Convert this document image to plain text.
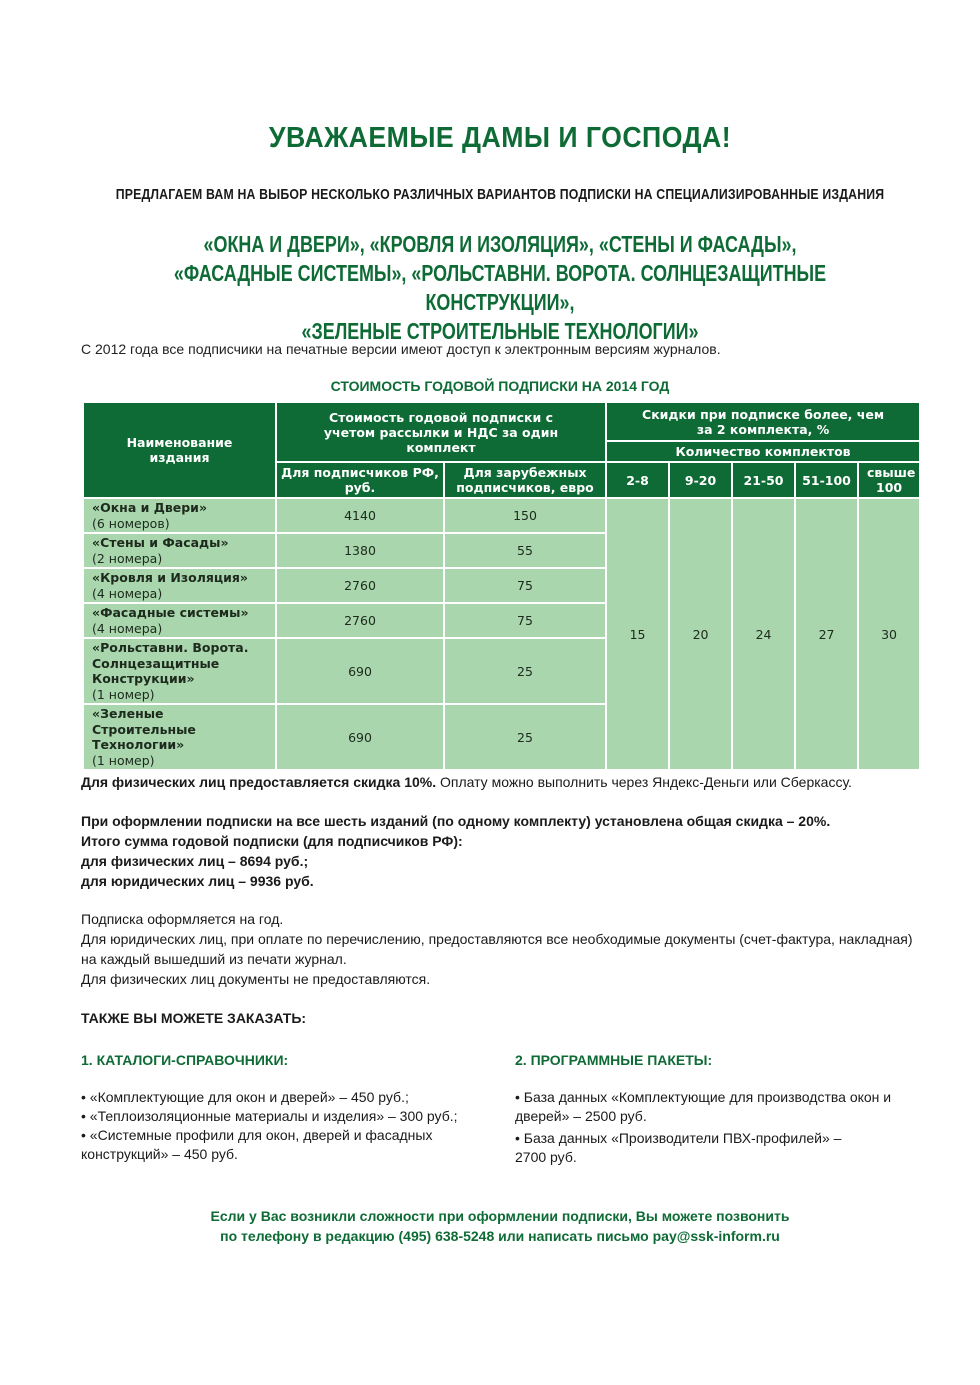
УВАЖАЕМЫЕ ДАМЫ И ГОСПОДА!
ПРЕДЛАГАЕМ ВАМ НА ВЫБОР НЕСКОЛЬКО РАЗЛИЧНЫХ ВАРИАНТОВ ПОДПИСКИ НА СПЕЦИАЛИЗИРОВАННЫЕ ИЗДАНИЯ
«ОКНА И ДВЕРИ», «КРОВЛЯ И ИЗОЛЯЦИЯ», «СТЕНЫ И ФАСАДЫ»,
«ФАСАДНЫЕ СИСТЕМЫ», «РОЛЬСТАВНИ. ВОРОТА. СОЛНЦЕЗАЩИТНЫЕ КОНСТРУКЦИИ»,
«ЗЕЛЕНЫЕ СТРОИТЕЛЬНЫЕ ТЕХНОЛОГИИ»
С 2012 года все подписчики на печатные версии имеют доступ к электронным версиям журналов.
СТОИМОСТЬ ГОДОВОЙ ПОДПИСКИ НА 2014 ГОД
Наименование издания	Стоимость годовой подписки с учетом рассылки и НДС за один комплект		Скидки при подписке более, чем за 2 комплекта, %				
			Количество комплектов				
	Для подписчиков РФ, руб.	Для зарубежных подписчиков, евро	2-8	9-20	21-50	51-100	свыше 100

«Окна и Двери»
(6 номеров)	4140	150	15	20	24	27	30

«Стены и Фасады»
(2 номера)	1380	55					

«Кровля и Изоляция»
(4 номера)	2760	75					

«Фасадные системы»
(4 номера)	2760	75					

«Рольставни. Ворота. Солнцезащитные Конструкции»
(1 номер)	690	25					

«Зеленые Строительные Технологии»
(1 номер)	690	25					
Для физических лиц предоставляется скидка 10%. Оплату можно выполнить через Яндекс-Деньги или Сберкассу.
При оформлении подписки на все шесть изданий (по одному комплекту) установлена общая скидка – 20%.
Итого сумма годовой подписки (для подписчиков РФ):
для физических лиц – 8694 руб.;
для юридических лиц – 9936 руб.
Подписка оформляется на год.
Для юридических лиц, при оплате по перечислению, предоставляются все необходимые документы (счет-фактура, накладная) на каждый вышедший из печати журнал.
Для физических лиц документы не предоставляются.
ТАКЖЕ ВЫ МОЖЕТЕ ЗАКАЗАТЬ:
1. КАТАЛОГИ-СПРАВОЧНИКИ:
• «Комплектующие для окон и дверей» – 450 руб.;
• «Теплоизоляционные материалы и изделия» – 300 руб.;
• «Системные профили для окон, дверей и фасадных конструкций» – 450 руб.
2. ПРОГРАММНЫЕ ПАКЕТЫ:
• База данных «Комплектующие для производства окон и дверей» – 2500 руб.
• База данных «Производители ПВХ-профилей» – 2700 руб.
Если у Вас возникли сложности при оформлении подписки, Вы можете позвонить
по телефону в редакцию (495) 638-5248 или написать письмо pay@ssk-inform.ru
